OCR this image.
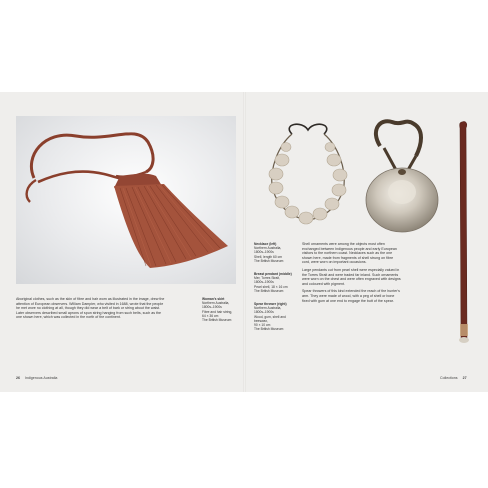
Aboriginal clothes, such as the skin of fibre and hair worn as illustrated in the image, drew the attention of European observers. William Dampier, who visited in 1688, wrote that the people he met wore no clothing at all, though they did wear a belt of bark or string about the waist. Later observers described small aprons of spun string hanging from such belts, such as the one shown here, which was collected in the north of the continent.

Woman's skirt
Northern Australia,
1800s–1900s
Fibre and hair string,
64 × 36 cm
The British Museum
26 Indigenous Australia
Necklace (left)
Northern Australia,
1800s–1900s
Shell, length 60 cm
The British Museum
Breast pendant (middle)
Mer, Torres Strait,
1800s–1900s
Pearl shell, 18 × 16 cm
The British Museum
Spear thrower (right)
Northern Australia,
1800s–1900s
Wood, gum, shell and beeswax,
90 × 10 cm
The British Museum

Shell ornaments were among the objects most often exchanged between Indigenous people and early European visitors to the northern coast. Necklaces such as the one shown here, made from fragments of shell strung on fibre cord, were worn on important occasions.

Large pendants cut from pearl shell were especially valued in the Torres Strait and were traded far inland. Such ornaments were worn on the chest and were often engraved with designs and coloured with pigment.

Spear throwers of this kind extended the reach of the hunter's arm. They were made of wood, with a peg of shell or bone fixed with gum at one end to engage the butt of the spear.

Collections 27
